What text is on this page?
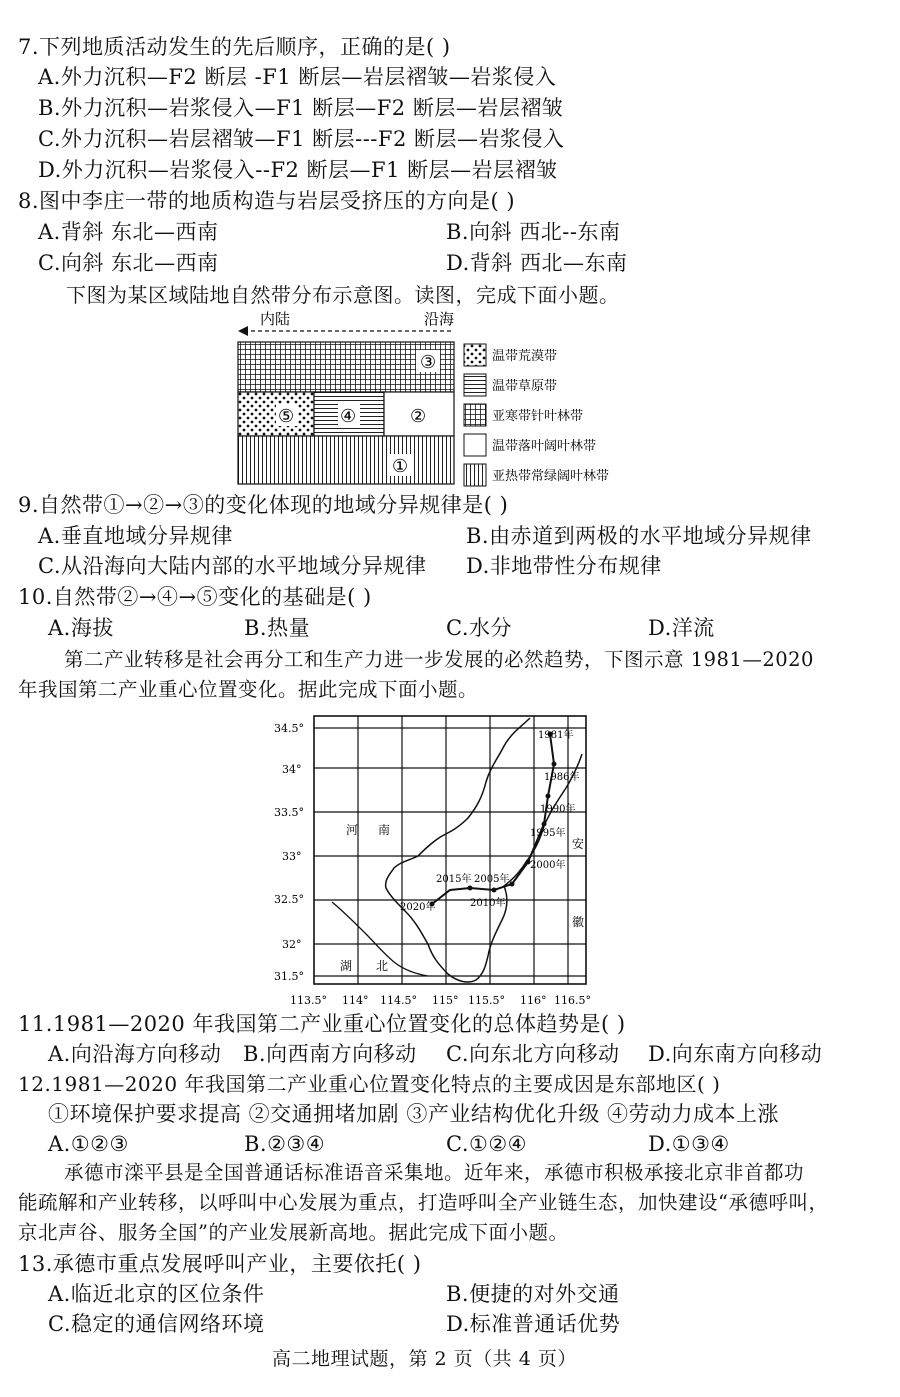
7.下列地质活动发生的先后顺序，正确的是( )
A.外力沉积—F2 断层 -F1 断层—岩层褶皱—岩浆侵入
B.外力沉积—岩浆侵入—F1 断层—F2 断层—岩层褶皱
C.外力沉积—岩层褶皱—F1 断层---F2 断层—岩浆侵入
D.外力沉积—岩浆侵入--F2 断层—F1 断层—岩层褶皱
8.图中李庄一带的地质构造与岩层受挤压的方向是( )
A.背斜 东北—西南	B.向斜 西北--东南
C.向斜 东北—西南	D.背斜 西北—东南
下图为某区域陆地自然带分布示意图。读图，完成下面小题。
内陆	沿海
③
⑤	④	②
①
温带荒漠带
温带草原带
亚寒带针叶林带
温带落叶阔叶林带
亚热带常绿阔叶林带
9.自然带①→②→③的变化体现的地域分异规律是( )
A.垂直地域分异规律	B.由赤道到两极的水平地域分异规律
C.从沿海向大陆内部的水平地域分异规律 D.非地带性分布规律
10.自然带②→④→⑤变化的基础是( )
A.海拔	B.热量	C.水分	D.洋流
第二产业转移是社会再分工和生产力进一步发展的必然趋势，下图示意 1981—2020
年我国第二产业重心位置变化。据此完成下面小题。
34.5°
34°
33.5°
33°
32.5°
32°
31.5°
113.5° 114° 114.5° 115° 115.5° 116° 116.5°
河 南
湖 北
安
徽
1981年
1986年
1990年
1995年
2000年
2005年
2015年
2010年
2020年
11.1981—2020 年我国第二产业重心位置变化的总体趋势是( )
A.向沿海方向移动 B.向西南方向移动 C.向东北方向移动 D.向东南方向移动
12.1981—2020 年我国第二产业重心位置变化特点的主要成因是东部地区( )
①环境保护要求提高 ②交通拥堵加剧 ③产业结构优化升级 ④劳动力成本上涨
A.①②③	B.②③④	C.①②④	D.①③④
承德市滦平县是全国普通话标准语音采集地。近年来，承德市积极承接北京非首都功
能疏解和产业转移，以呼叫中心发展为重点，打造呼叫全产业链生态，加快建设“承德呼叫，
京北声谷、服务全国”的产业发展新高地。据此完成下面小题。
13.承德市重点发展呼叫产业，主要依托( )
A.临近北京的区位条件	B.便捷的对外交通
C.稳定的通信网络环境	D.标准普通话优势
高二地理试题，第 2 页（共 4 页）
